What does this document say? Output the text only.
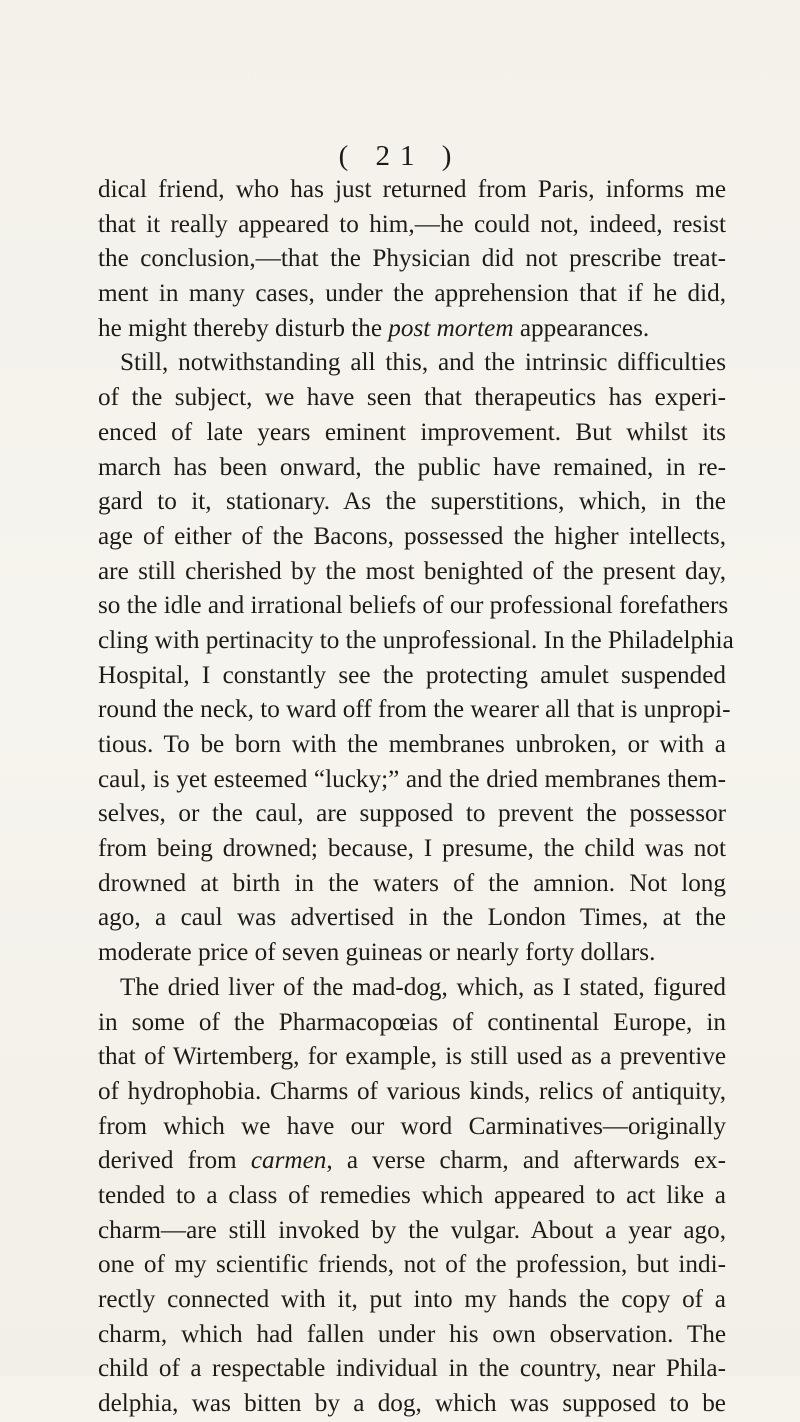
( 21 )
dical friend, who has just returned from Paris, informs me
that it really appeared to him,—he could not, indeed, resist
the conclusion,—that the Physician did not prescribe treat-
ment in many cases, under the apprehension that if he did,
he might thereby disturb the post mortem appearances.
Still, notwithstanding all this, and the intrinsic difficulties
of the subject, we have seen that therapeutics has experi-
enced of late years eminent improvement. But whilst its
march has been onward, the public have remained, in re-
gard to it, stationary. As the superstitions, which, in the
age of either of the Bacons, possessed the higher intellects,
are still cherished by the most benighted of the present day,
so the idle and irrational beliefs of our professional forefathers
cling with pertinacity to the unprofessional. In the Philadelphia
Hospital, I constantly see the protecting amulet suspended
round the neck, to ward off from the wearer all that is unpropi-
tious. To be born with the membranes unbroken, or with a
caul, is yet esteemed “lucky;” and the dried membranes them-
selves, or the caul, are supposed to prevent the possessor
from being drowned; because, I presume, the child was not
drowned at birth in the waters of the amnion. Not long
ago, a caul was advertised in the London Times, at the
moderate price of seven guineas or nearly forty dollars.
The dried liver of the mad-dog, which, as I stated, figured
in some of the Pharmacopœias of continental Europe, in
that of Wirtemberg, for example, is still used as a preventive
of hydrophobia. Charms of various kinds, relics of antiquity,
from which we have our word Carminatives—originally
derived from carmen, a verse charm, and afterwards ex-
tended to a class of remedies which appeared to act like a
charm—are still invoked by the vulgar. About a year ago,
one of my scientific friends, not of the profession, but indi-
rectly connected with it, put into my hands the copy of a
charm, which had fallen under his own observation. The
child of a respectable individual in the country, near Phila-
delphia, was bitten by a dog, which was supposed to be
